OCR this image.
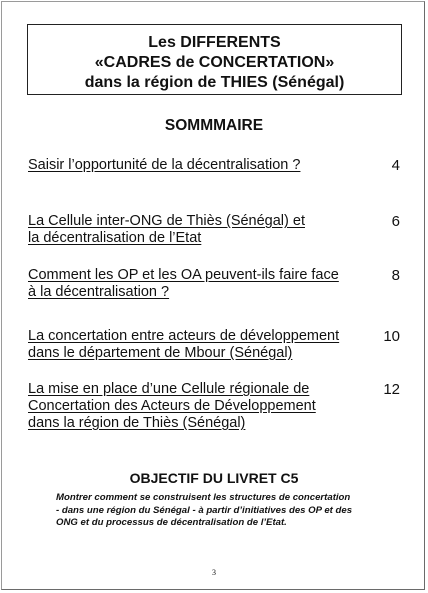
Les DIFFERENTS
«CADRES de CONCERTATION»
dans la région de THIES (Sénégal)
SOMMMAIRE
Saisir l’opportunité de la décentralisation ?	4
La Cellule inter-ONG de Thiès (Sénégal) et
la décentralisation de l’Etat
6
Comment les OP et les OA peuvent-ils faire face
à la décentralisation ?
8
La concertation entre acteurs de développement
dans le département de Mbour (Sénégal)
10
La mise en place d’une Cellule régionale de
Concertation des Acteurs de Développement
dans la région de Thiès (Sénégal)
12
OBJECTIF DU LIVRET C5
Montrer comment se construisent les structures de concertation
- dans une région du Sénégal - à partir d’initiatives des OP et des
ONG et du processus de décentralisation de l’Etat.
3
